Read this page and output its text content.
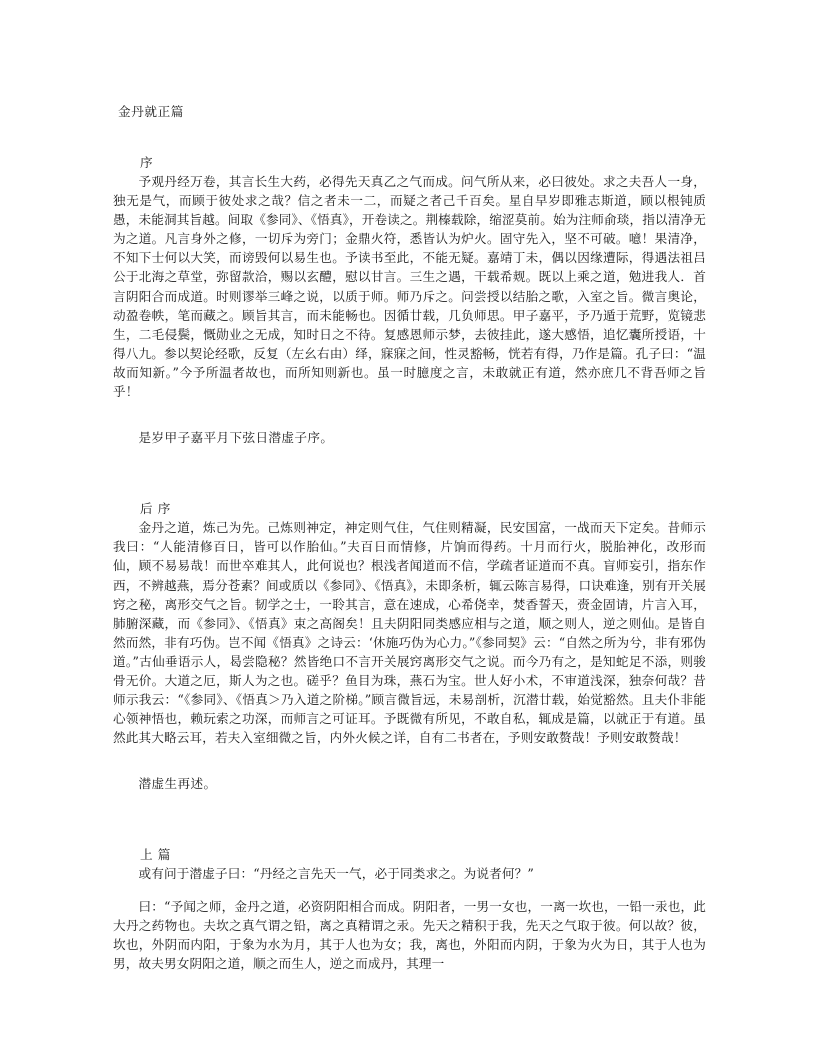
金丹就正篇
序

予观丹经万卷，其言长生大药，必得先天真乙之气而成。问气所从来，必曰彼处。求之夫吾人一身，独无是气，而顾于彼处求之哉？信之者未一二，而疑之者己千百矣。星自早岁即雅志斯道，顾以根钝质愚，未能洞其旨越。间取《参同》、《悟真》，开卷读之。荆榛载除，缩涩莫前。始为注师俞琰，指以清净无为之道。凡言身外之修，一切斥为旁门；金鼎火符，悉皆认为炉火。固守先入，坚不可破。噫！果清净，不知下士何以大笑，而谤毁何以易生也。予读书至此，不能无疑。嘉靖丁未，偶以因缘遭际，得遇法祖吕公于北海之草堂，弥留款洽，赐以玄醴，慰以甘言。三生之遇，干载希觌。既以上乘之道，勉进我人．首言阴阳合而成道。时则谬举三峰之说，以质于师。师乃斥之。问尝授以结胎之歌，入室之旨。微言奥论，动盈卷帙，笔而藏之。顾旨其言，而未能畅也。因循廿载，几负师思。甲子嘉平，予乃遁于荒野，览镜悲生，二毛侵鬓，慨勋业之无成，知时日之不待。复感恩师示梦，去彼挂此，遂大感悟，追忆囊所授语，十得八九。参以契论经歌，反复（左幺右由）绎，寐寐之间，性灵豁畅，恍若有得，乃作是篇。孔子曰：“温故而知新。”今予所温者故也，而所知则新也。虽一时臆度之言，未敢就正有道，然亦庶几不背吾师之旨乎！

是岁甲子嘉平月下弦日潜虚子序。

后 序

金丹之道，炼己为先。己炼则神定，神定则气住，气住则精凝，民安国富，一战而天下定矣。昔师示我曰：“人能清修百日，皆可以作胎仙。”夫百日而情修，片饷而得药。十月而行火，脱胎神化，改形而仙，顾不易易哉！而世卒难其人，此何说也？根浅者闻道而不信，学疏者证道而不真。盲师妄引，指东作西，不辨越燕，焉分苍素？间或质以《参同》、《悟真》，未即条析，辄云陈言易得，口诀难逢，别有开关展窍之秘，离形交气之旨。韧学之士，一聆其言，意在速成，心希侥幸，焚香誓天，赍金固请，片言入耳，肺腑深藏，而《参同》、《悟真》束之高阁矣！且夫阴阳同类感应相与之道，顺之则人，逆之则仙。是皆自然而然，非有巧伪。岂不闻《悟真》之诗云：‘休施巧伪为心力。”《参同契》云：“自然之所为兮，非有邪伪道。”古仙垂语示人，曷尝隐秘？然皆绝口不言开关展窍离形交气之说。而今乃有之，是知蛇足不添，则骏骨无价。大道之厄，斯人为之也。磋乎？鱼目为珠，燕石为宝。世人好小术，不审道浅深，独奈何哉？昔师示我云：“《参同》、《悟真＞乃入道之阶梯。”顾言微旨远，未易剖析，沉潜廿载，始觉豁然。且夫仆非能心领神悟也，赖玩索之功深，而师言之可证耳。予既微有所见，不敢自私，辄成是篇，以就正于有道。虽然此其大略云耳，若夫入室细微之旨，内外火候之详，自有二书者在，予则安敢赘哉！予则安敢赘哉！

潜虚生再述。

上 篇

或有问于潜虚子曰：“丹经之言先天一气，必于同类求之。为说者何？”

曰：“予闻之师，金丹之道，必资阴阳相合而成。阴阳者，一男一女也，一离一坎也，一铅一汞也，此大丹之药物也。夫坎之真气谓之铅，离之真精谓之汞。先天之精积于我，先天之气取于彼。何以故？彼，坎也，外阴而内阳，于象为水为月，其于人也为女；我，离也，外阳而内阴，于象为火为日，其于人也为男，故夫男女阴阳之道，顺之而生人，逆之而成丹，其理一
